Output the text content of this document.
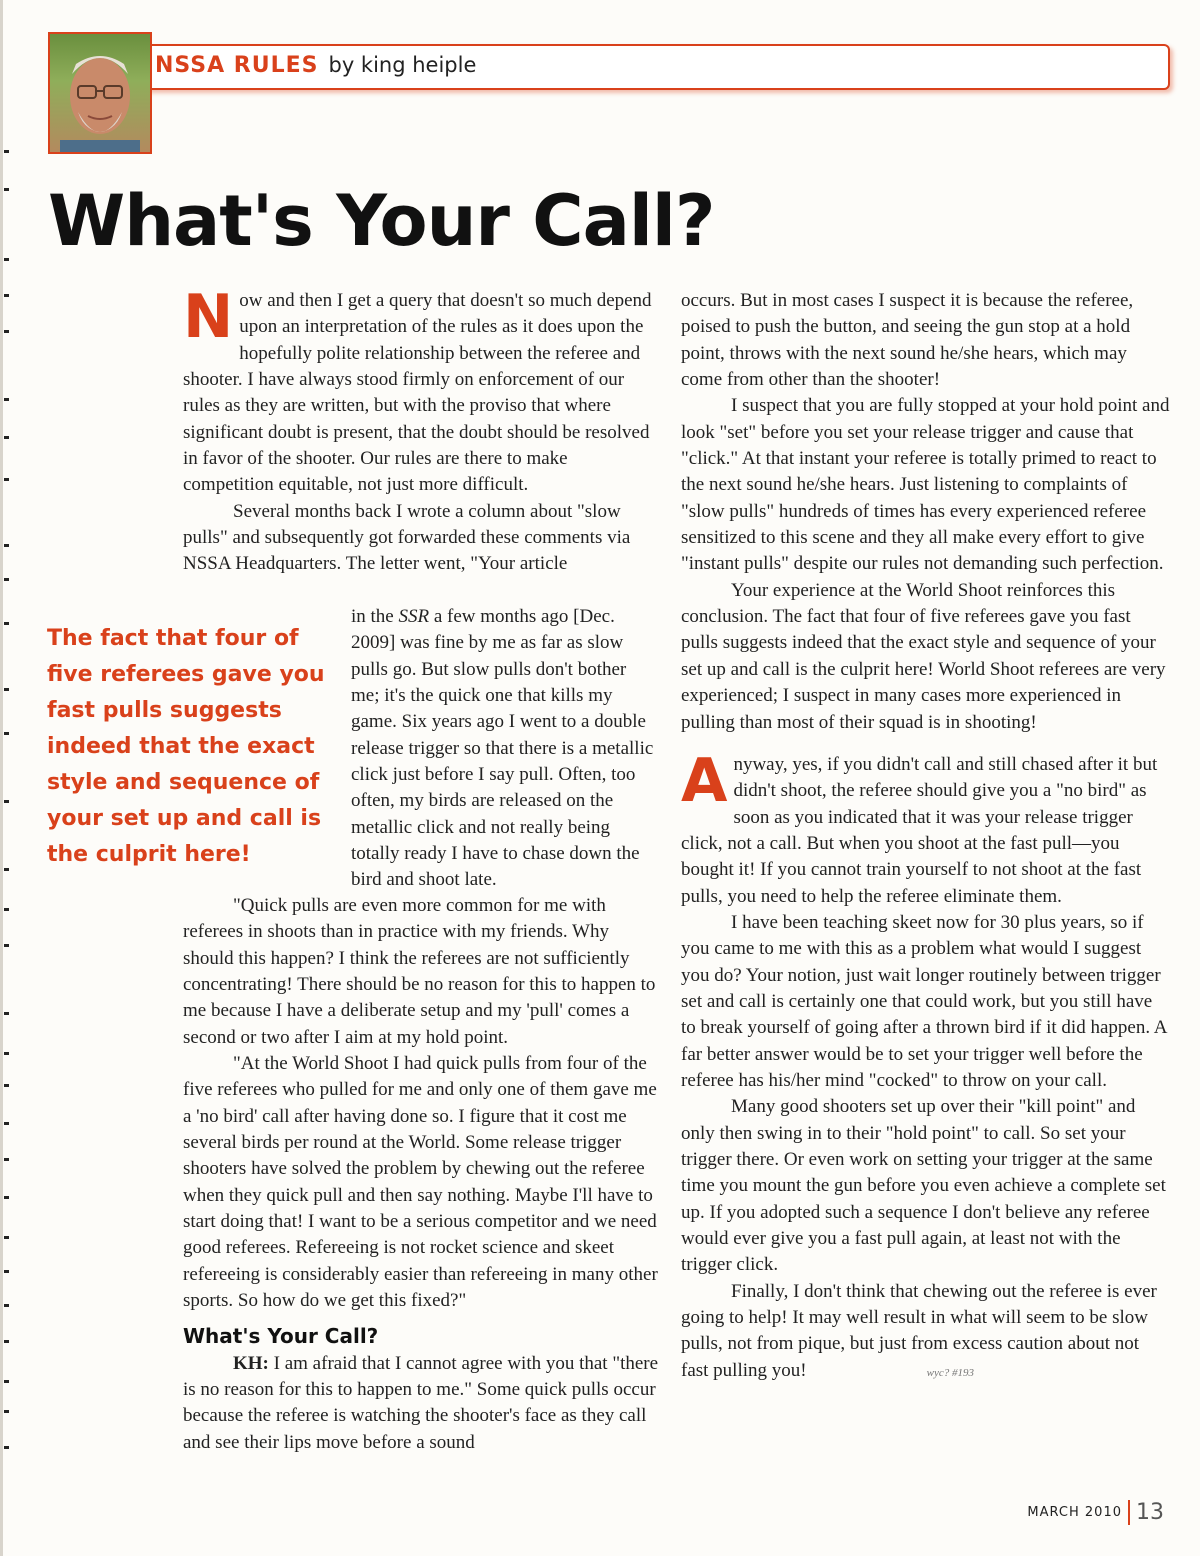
NSSA RULES by king heiple
What's Your Call?

Now and then I get a query that doesn't so much depend upon an interpretation of the rules as it does upon the hopefully polite relationship between the referee and shooter. I have always stood firmly on enforcement of our rules as they are written, but with the proviso that where significant doubt is present, that the doubt should be resolved in favor of the shooter. Our rules are there to make competition equitable, not just more difficult.

Several months back I wrote a column about "slow pulls" and subsequently got forwarded these comments via NSSA Headquarters. The letter went, "Your article

The fact that four of five referees gave you fast pulls suggests indeed that the exact style and sequence of your set up and call is the culprit here!

in the SSR a few months ago [Dec. 2009] was fine by me as far as slow pulls go. But slow pulls don't bother me; it's the quick one that kills my game. Six years ago I went to a double release trigger so that there is a metallic click just before I say pull. Often, too often, my birds are released on the metallic click and not really being totally ready I have to chase down the bird and shoot late.

"Quick pulls are even more common for me with referees in shoots than in practice with my friends. Why should this happen? I think the referees are not sufficiently concentrating! There should be no reason for this to happen to me because I have a deliberate setup and my 'pull' comes a second or two after I aim at my hold point.

"At the World Shoot I had quick pulls from four of the five referees who pulled for me and only one of them gave me a 'no bird' call after having done so. I figure that it cost me several birds per round at the World. Some release trigger shooters have solved the problem by chewing out the referee when they quick pull and then say nothing. Maybe I'll have to start doing that! I want to be a serious competitor and we need good referees. Refereeing is not rocket science and skeet refereeing is considerably easier than refereeing in many other sports. So how do we get this fixed?"

What's Your Call?

KH: I am afraid that I cannot agree with you that "there is no reason for this to happen to me." Some quick pulls occur because the referee is watching the shooter's face as they call and see their lips move before a sound

occurs. But in most cases I suspect it is because the referee, poised to push the button, and seeing the gun stop at a hold point, throws with the next sound he/she hears, which may come from other than the shooter!

I suspect that you are fully stopped at your hold point and look "set" before you set your release trigger and cause that "click." At that instant your referee is totally primed to react to the next sound he/she hears. Just listening to complaints of "slow pulls" hundreds of times has every experienced referee sensitized to this scene and they all make every effort to give "instant pulls" despite our rules not demanding such perfection.

Your experience at the World Shoot reinforces this conclusion. The fact that four of five referees gave you fast pulls suggests indeed that the exact style and sequence of your set up and call is the culprit here! World Shoot referees are very experienced; I suspect in many cases more experienced in pulling than most of their squad is in shooting!

Anyway, yes, if you didn't call and still chased after it but didn't shoot, the referee should give you a "no bird" as soon as you indicated that it was your release trigger click, not a call. But when you shoot at the fast pull—you bought it! If you cannot train yourself to not shoot at the fast pulls, you need to help the referee eliminate them.

I have been teaching skeet now for 30 plus years, so if you came to me with this as a problem what would I suggest you do? Your notion, just wait longer routinely between trigger set and call is certainly one that could work, but you still have to break yourself of going after a thrown bird if it did happen. A far better answer would be to set your trigger well before the referee has his/her mind "cocked" to throw on your call.

Many good shooters set up over their "kill point" and only then swing in to their "hold point" to call. So set your trigger there. Or even work on setting your trigger at the same time you mount the gun before you even achieve a complete set up. If you adopted such a sequence I don't believe any referee would ever give you a fast pull again, at least not with the trigger click.

Finally, I don't think that chewing out the referee is ever going to help! It may well result in what will seem to be slow pulls, not from pique, but just from excess caution about not fast pulling you!	wyc? #193

MARCH 2010 13
